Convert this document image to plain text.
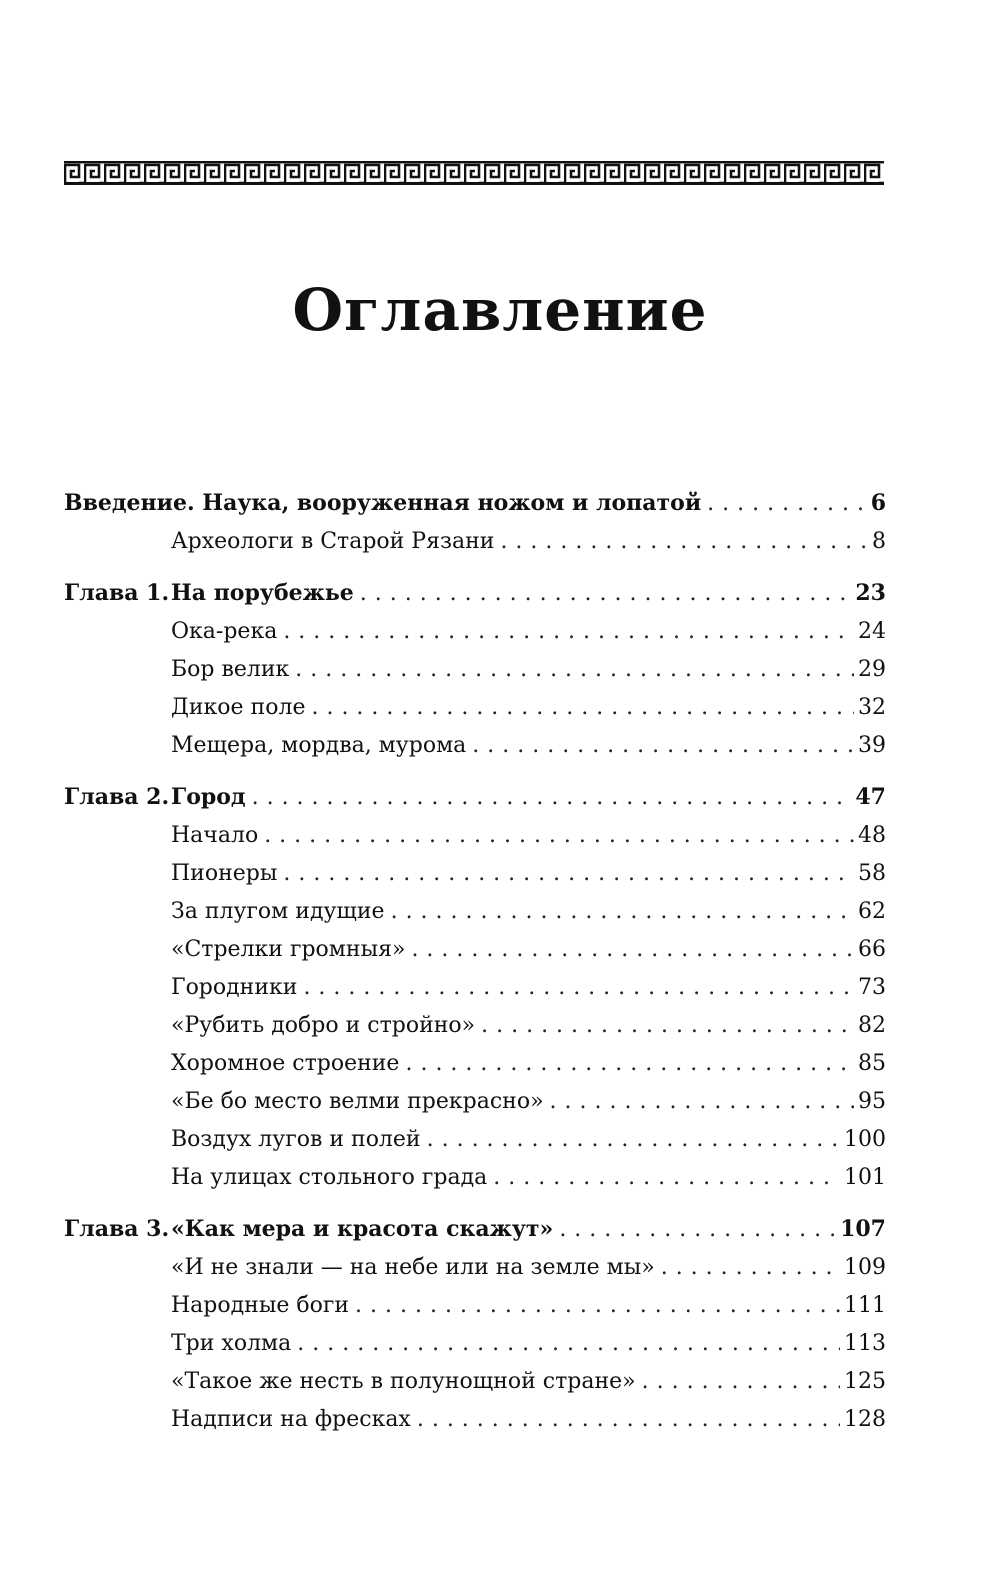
Оглавление
Введение. Наука, вооруженная ножом и лопатой . . .	6
Археологи в Старой Рязани . . .	8
Глава 1. На порубежье . . .	23
Ока-река . . .	24
Бор велик . . .	29
Дикое поле . . .	32
Мещера, мордва, мурома . . .	39
Глава 2. Город . . .	47
Начало . . .	48
Пионеры . . .	58
За плугом идущие . . .	62
«Стрелки громныя» . . .	66
Городники . . .	73
«Рубить добро и стройно» . . .	82
Хоромное строение . . .	85
«Бе бо место велми прекрасно» . . .	95
Воздух лугов и полей . . .	100
На улицах стольного града . . .	101
Глава 3. «Как мера и красота скажут» . . .	107
«И не знали — на небе или на земле мы» . . .	109
Народные боги . . .	111
Три холма . . .	113
«Такое же несть в полунощной стране» . . .	125
Надписи на фресках . . .	128
